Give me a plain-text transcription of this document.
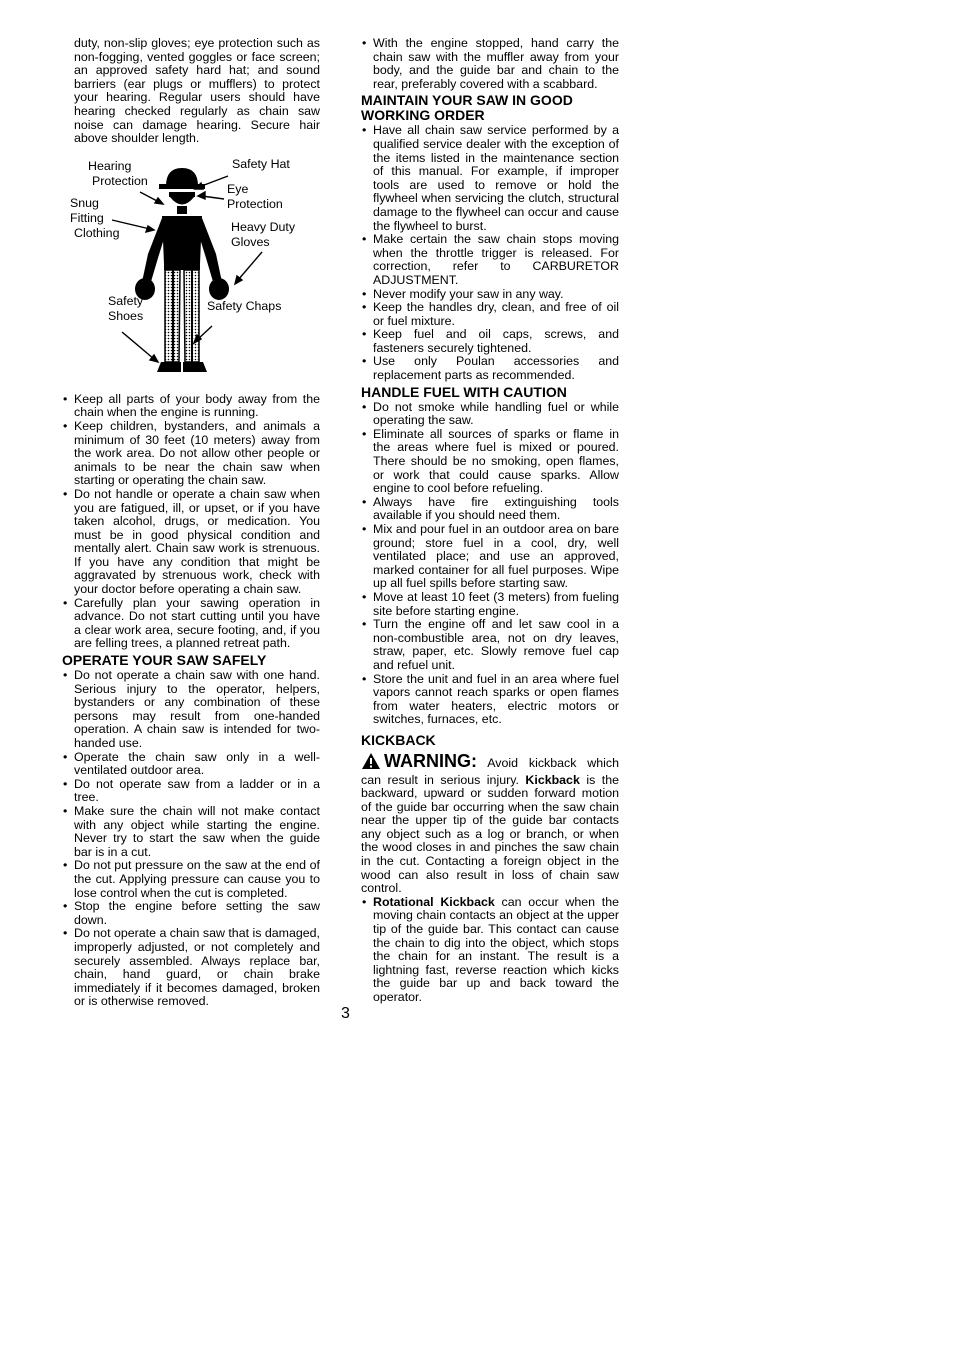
duty, non-slip gloves; eye protection such as non-fogging, vented goggles or face screen; an approved safety hard hat; and sound barriers (ear plugs or mufflers) to protect your hearing. Regular users should have hearing checked regularly as chain saw noise can damage hearing. Secure hair above shoulder length.

Hearing
Protection
Safety Hat
Eye
Protection
Snug
Fitting
Clothing	Heavy Duty
Gloves
Safety
Shoes
Safety Chaps
• Keep all parts of your body away from the chain when the engine is running.
• Keep children, bystanders, and animals a minimum of 30 feet (10 meters) away from the work area. Do not allow other people or animals to be near the chain saw when starting or operating the chain saw.
• Do not handle or operate a chain saw when you are fatigued, ill, or upset, or if you have taken alcohol, drugs, or medication. You must be in good physical condition and mentally alert. Chain saw work is strenuous. If you have any condition that might be aggravated by strenuous work, check with your doctor before operating a chain saw.
• Carefully plan your sawing operation in advance. Do not start cutting until you have a clear work area, secure footing, and, if you are felling trees, a planned retreat path.
OPERATE YOUR SAW SAFELY
• Do not operate a chain saw with one hand. Serious injury to the operator, helpers, bystanders or any combination of these persons may result from one-handed operation. A chain saw is intended for two-handed use.
• Operate the chain saw only in a well-ventilated outdoor area.
• Do not operate saw from a ladder or in a tree.
• Make sure the chain will not make contact with any object while starting the engine. Never try to start the saw when the guide bar is in a cut.
• Do not put pressure on the saw at the end of the cut. Applying pressure can cause you to lose control when the cut is completed.
• Stop the engine before setting the saw down.
• Do not operate a chain saw that is damaged, improperly adjusted, or not completely and securely assembled. Always replace bar, chain, hand guard, or chain brake immediately if it becomes damaged, broken or is otherwise removed.
• With the engine stopped, hand carry the chain saw with the muffler away from your body, and the guide bar and chain to the rear, preferably covered with a scabbard.
MAINTAIN YOUR SAW IN GOOD WORKING ORDER
• Have all chain saw service performed by a qualified service dealer with the exception of the items listed in the maintenance section of this manual. For example, if improper tools are used to remove or hold the flywheel when servicing the clutch, structural damage to the flywheel can occur and cause the flywheel to burst.
• Make certain the saw chain stops moving when the throttle trigger is released. For correction, refer to CARBURETOR ADJUSTMENT.
• Never modify your saw in any way.
• Keep the handles dry, clean, and free of oil or fuel mixture.
• Keep fuel and oil caps, screws, and fasteners securely tightened.
• Use only Poulan accessories and replacement parts as recommended.
HANDLE FUEL WITH CAUTION
• Do not smoke while handling fuel or while operating the saw.
• Eliminate all sources of sparks or flame in the areas where fuel is mixed or poured. There should be no smoking, open flames, or work that could cause sparks. Allow engine to cool before refueling.
• Always have fire extinguishing tools available if you should need them.
• Mix and pour fuel in an outdoor area on bare ground; store fuel in a cool, dry, well ventilated place; and use an approved, marked container for all fuel purposes. Wipe up all fuel spills before starting saw.
• Move at least 10 feet (3 meters) from fueling site before starting engine.
• Turn the engine off and let saw cool in a non-combustible area, not on dry leaves, straw, paper, etc. Slowly remove fuel cap and refuel unit.
• Store the unit and fuel in an area where fuel vapors cannot reach sparks or open flames from water heaters, electric motors or switches, furnaces, etc.
KICKBACK
WARNING: Avoid kickback which can result in serious injury. Kickback is the backward, upward or sudden forward motion of the guide bar occurring when the saw chain near the upper tip of the guide bar contacts any object such as a log or branch, or when the wood closes in and pinches the saw chain in the cut. Contacting a foreign object in the wood can also result in loss of chain saw control.
• Rotational Kickback can occur when the moving chain contacts an object at the upper tip of the guide bar. This contact can cause the chain to dig into the object, which stops the chain for an instant. The result is a lightning fast, reverse reaction which kicks the guide bar up and back toward the operator.
3
